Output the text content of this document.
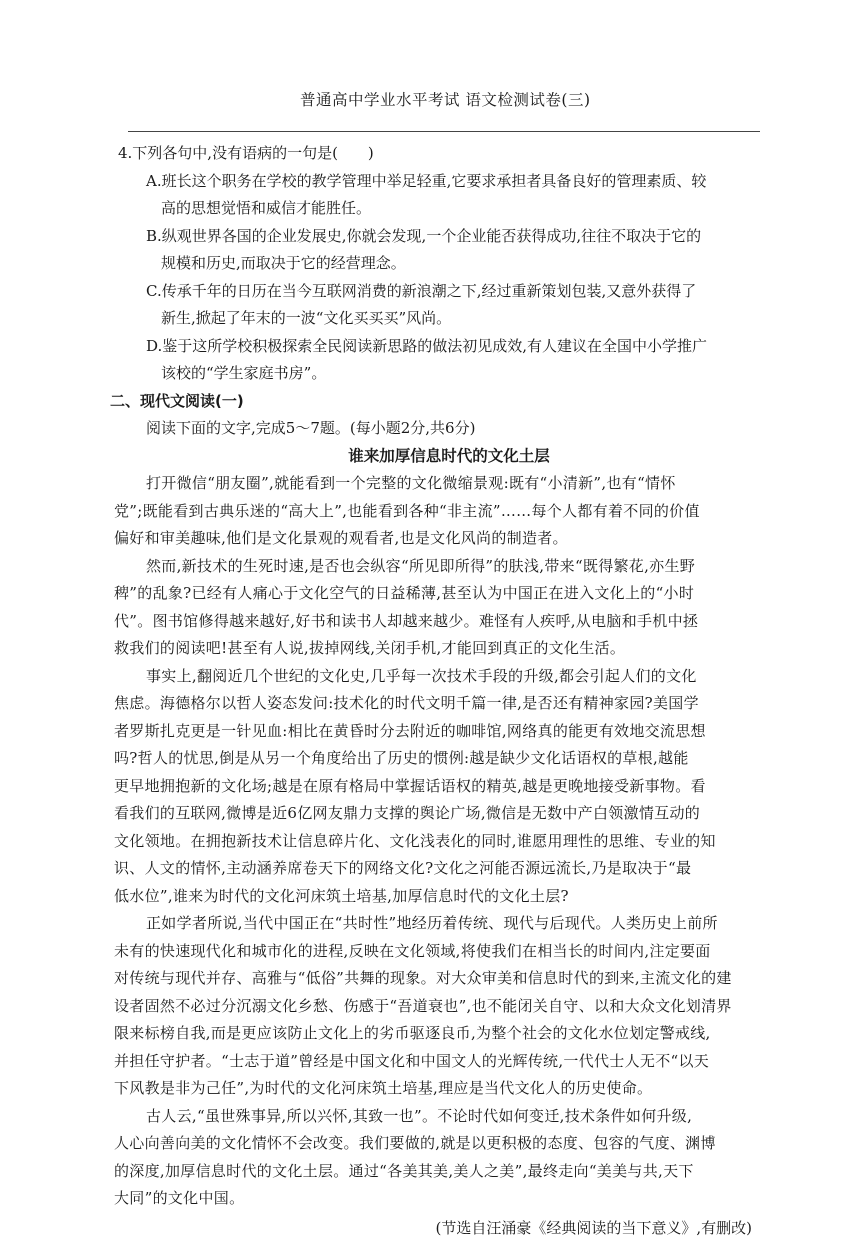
普通高中学业水平考试 语文检测试卷(三)
4.下列各句中,没有语病的一句是(　　)
A.班长这个职务在学校的教学管理中举足轻重,它要求承担者具备良好的管理素质、较
高的思想觉悟和威信才能胜任。
B.纵观世界各国的企业发展史,你就会发现,一个企业能否获得成功,往往不取决于它的
规模和历史,而取决于它的经营理念。
C.传承千年的日历在当今互联网消费的新浪潮之下,经过重新策划包装,又意外获得了
新生,掀起了年末的一波“文化买买买”风尚。
D.鉴于这所学校积极探索全民阅读新思路的做法初见成效,有人建议在全国中小学推广
该校的“学生家庭书房”。
二、现代文阅读(一)
阅读下面的文字,完成5～7题。(每小题2分,共6分)
谁来加厚信息时代的文化土层
打开微信“朋友圈”,就能看到一个完整的文化微缩景观:既有“小清新”,也有“情怀
党”;既能看到古典乐迷的“高大上”,也能看到各种“非主流”……每个人都有着不同的价值
偏好和审美趣味,他们是文化景观的观看者,也是文化风尚的制造者。
然而,新技术的生死时速,是否也会纵容“所见即所得”的肤浅,带来“既得繁花,亦生野
稗”的乱象?已经有人痛心于文化空气的日益稀薄,甚至认为中国正在进入文化上的“小时
代”。图书馆修得越来越好,好书和读书人却越来越少。难怪有人疾呼,从电脑和手机中拯
救我们的阅读吧!甚至有人说,拔掉网线,关闭手机,才能回到真正的文化生活。
事实上,翻阅近几个世纪的文化史,几乎每一次技术手段的升级,都会引起人们的文化
焦虑。海德格尔以哲人姿态发问:技术化的时代文明千篇一律,是否还有精神家园?美国学
者罗斯扎克更是一针见血:相比在黄昏时分去附近的咖啡馆,网络真的能更有效地交流思想
吗?哲人的忧思,倒是从另一个角度给出了历史的惯例:越是缺少文化话语权的草根,越能
更早地拥抱新的文化场;越是在原有格局中掌握话语权的精英,越是更晚地接受新事物。看
看我们的互联网,微博是近6亿网友鼎力支撑的舆论广场,微信是无数中产白领激情互动的
文化领地。在拥抱新技术让信息碎片化、文化浅表化的同时,谁愿用理性的思维、专业的知
识、人文的情怀,主动涵养席卷天下的网络文化?文化之河能否源远流长,乃是取决于“最
低水位”,谁来为时代的文化河床筑土培基,加厚信息时代的文化土层?
正如学者所说,当代中国正在“共时性”地经历着传统、现代与后现代。人类历史上前所
未有的快速现代化和城市化的进程,反映在文化领域,将使我们在相当长的时间内,注定要面
对传统与现代并存、高雅与“低俗”共舞的现象。对大众审美和信息时代的到来,主流文化的建
设者固然不必过分沉溺文化乡愁、伤感于“吾道衰也”,也不能闭关自守、以和大众文化划清界
限来标榜自我,而是更应该防止文化上的劣币驱逐良币,为整个社会的文化水位划定警戒线,
并担任守护者。“士志于道”曾经是中国文化和中国文人的光辉传统,一代代士人无不“以天
下风教是非为己任”,为时代的文化河床筑土培基,理应是当代文化人的历史使命。
古人云,“虽世殊事异,所以兴怀,其致一也”。不论时代如何变迁,技术条件如何升级,
人心向善向美的文化情怀不会改变。我们要做的,就是以更积极的态度、包容的气度、渊博
的深度,加厚信息时代的文化土层。通过“各美其美,美人之美”,最终走向“美美与共,天下
大同”的文化中国。
(节选自汪涌豪《经典阅读的当下意义》,有删改)
